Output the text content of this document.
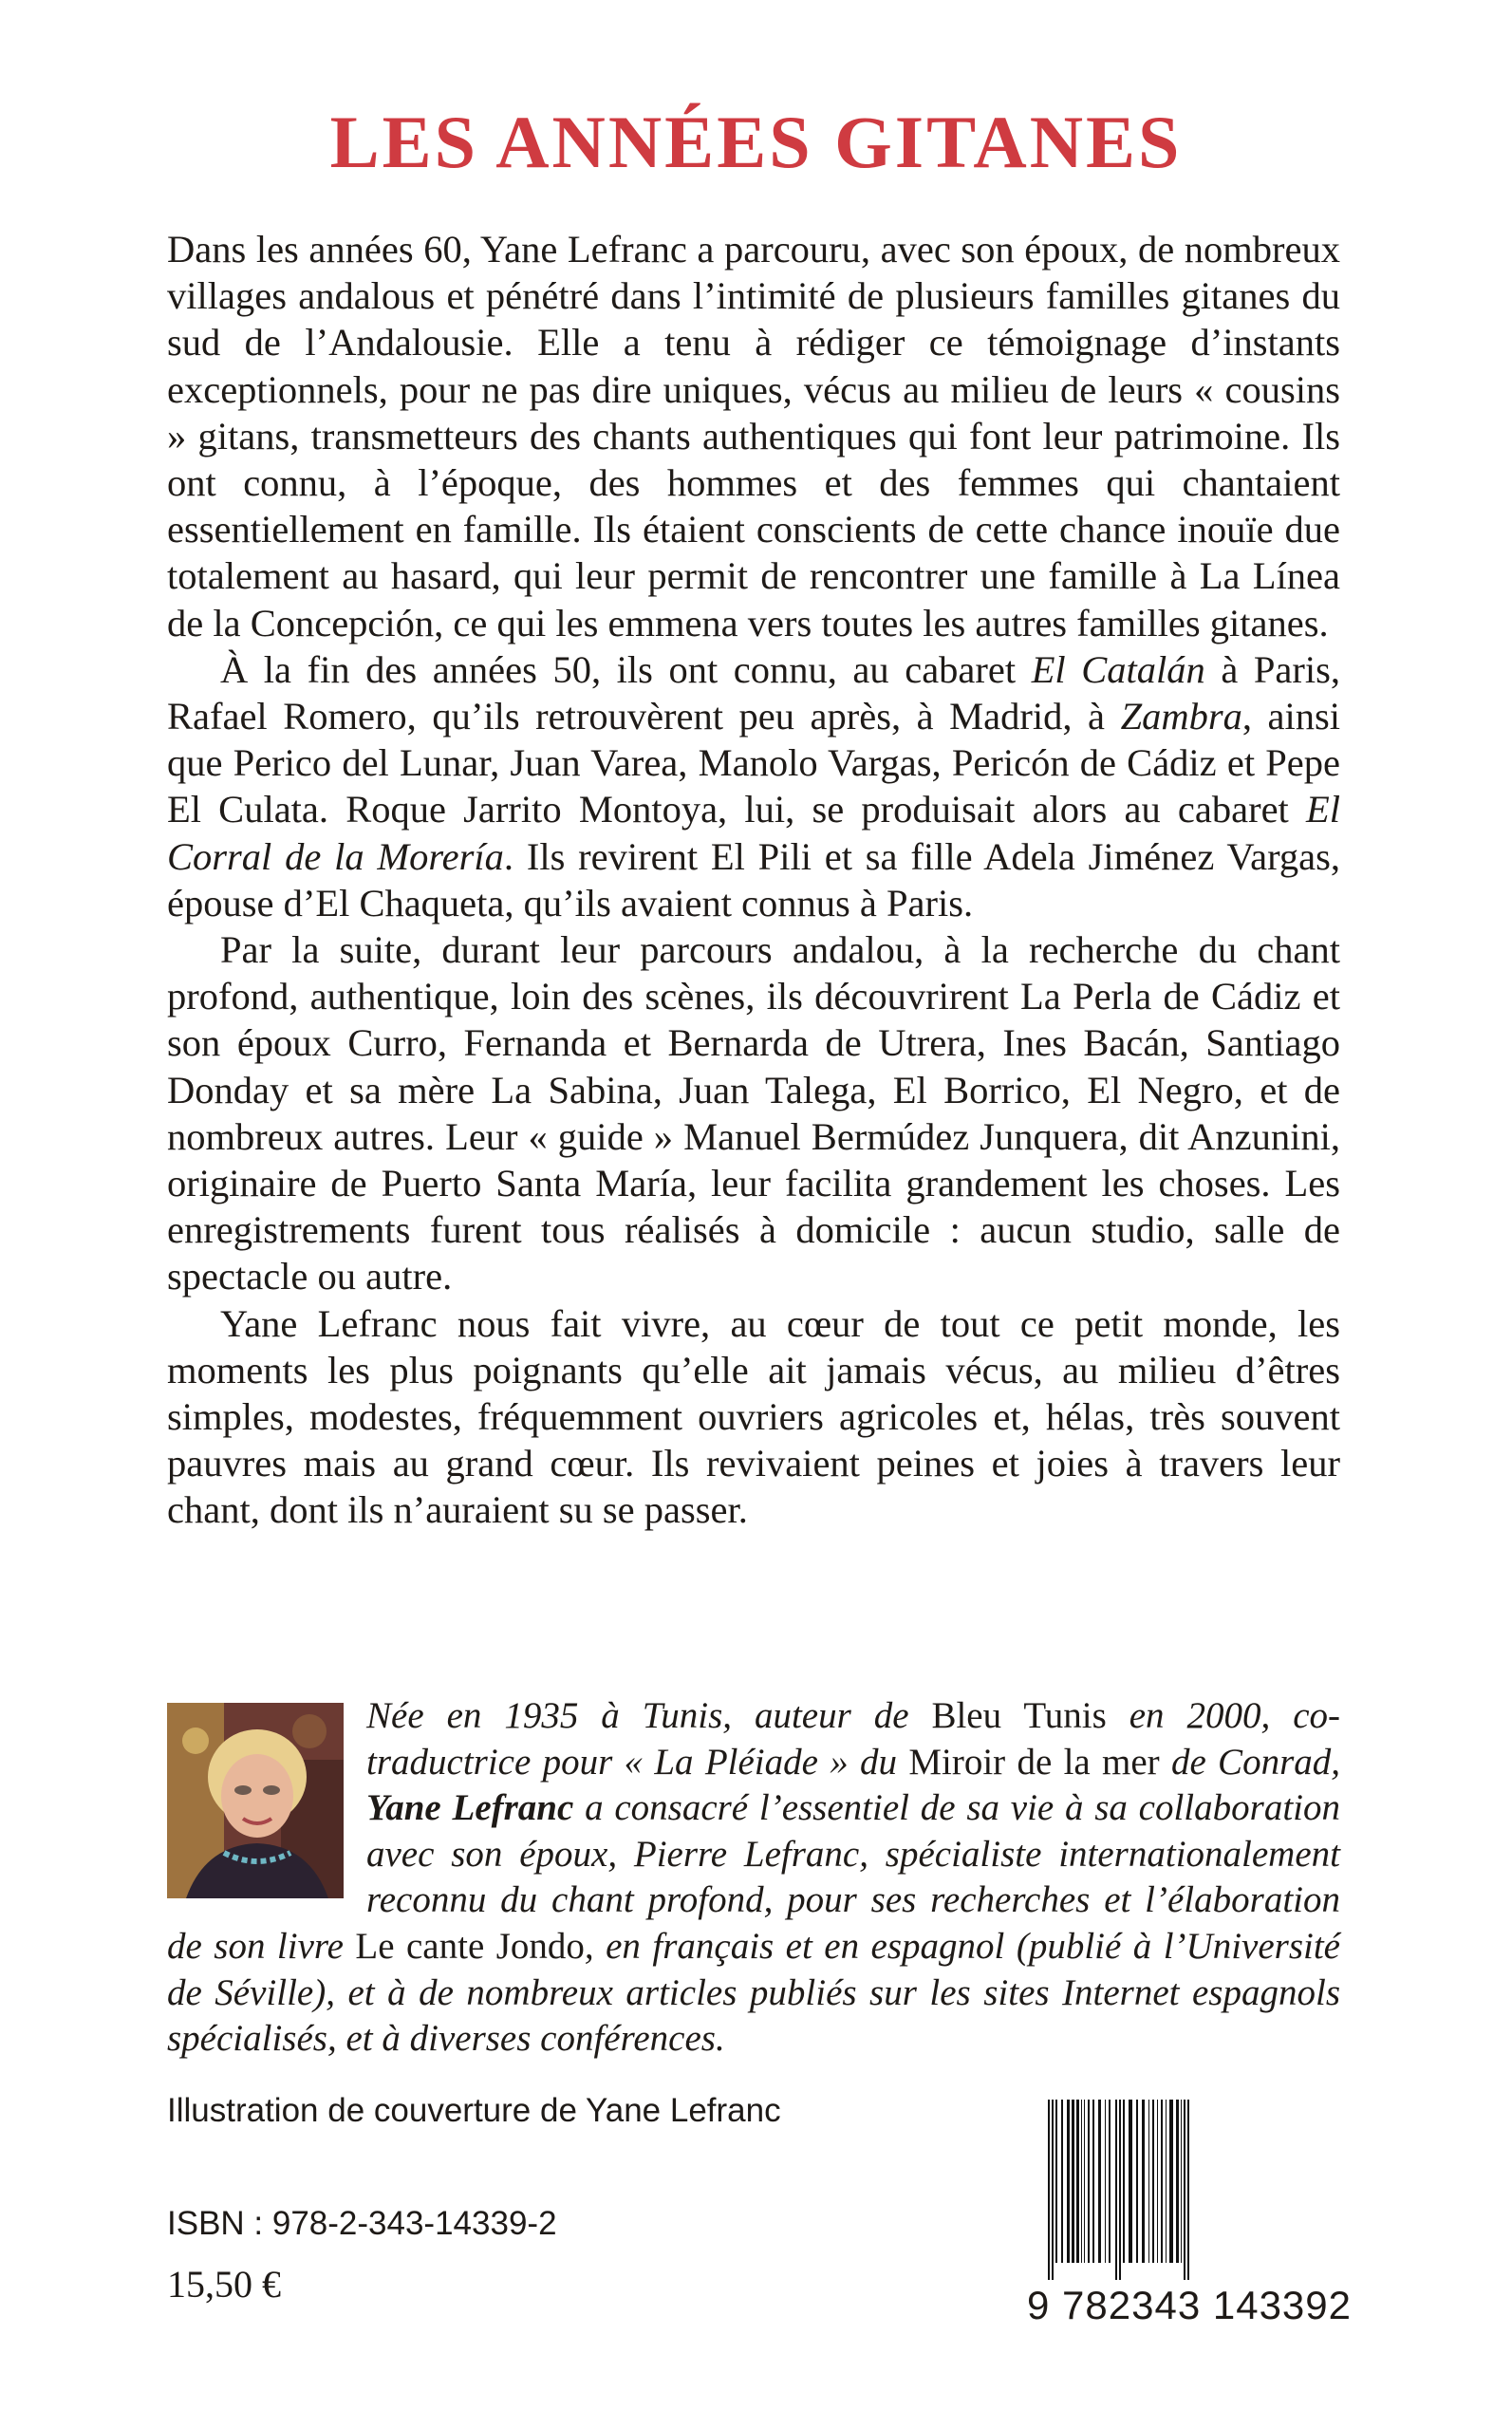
LES ANNÉES GITANES

Dans les années 60, Yane Lefranc a parcouru, avec son époux, de nombreux villages andalous et pénétré dans l’intimité de plusieurs familles gitanes du sud de l’Andalousie. Elle a tenu à rédiger ce témoignage d’instants exceptionnels, pour ne pas dire uniques, vécus au milieu de leurs « cousins » gitans, transmetteurs des chants authentiques qui font leur patrimoine. Ils ont connu, à l’époque, des hommes et des femmes qui chantaient essentiellement en famille. Ils étaient conscients de cette chance inouïe due totalement au hasard, qui leur permit de rencontrer une famille à La Línea de la Concepción, ce qui les emmena vers toutes les autres familles gitanes.

À la fin des années 50, ils ont connu, au cabaret El Catalán à Paris, Rafael Romero, qu’ils retrouvèrent peu après, à Madrid, à Zambra, ainsi que Perico del Lunar, Juan Varea, Manolo Vargas, Pericón de Cádiz et Pepe El Culata. Roque Jarrito Montoya, lui, se produisait alors au cabaret El Corral de la Morería. Ils revirent El Pili et sa fille Adela Jiménez Vargas, épouse d’El Chaqueta, qu’ils avaient connus à Paris.

Par la suite, durant leur parcours andalou, à la recherche du chant profond, authentique, loin des scènes, ils découvrirent La Perla de Cádiz et son époux Curro, Fernanda et Bernarda de Utrera, Ines Bacán, Santiago Donday et sa mère La Sabina, Juan Talega, El Borrico, El Negro, et de nombreux autres. Leur « guide » Manuel Bermúdez Junquera, dit Anzunini, originaire de Puerto Santa María, leur facilita grandement les choses. Les enregistrements furent tous réalisés à domicile : aucun studio, salle de spectacle ou autre.

Yane Lefranc nous fait vivre, au cœur de tout ce petit monde, les moments les plus poignants qu’elle ait jamais vécus, au milieu d’êtres simples, modestes, fréquemment ouvriers agricoles et, hélas, très souvent pauvres mais au grand cœur. Ils revivaient peines et joies à travers leur chant, dont ils n’auraient su se passer.

Née en 1935 à Tunis, auteur de Bleu Tunis en 2000, co-traductrice pour « La Pléiade » du Miroir de la mer de Conrad, Yane Lefranc a consacré l’essentiel de sa vie à sa collaboration avec son époux, Pierre Lefranc, spécialiste internationalement reconnu du chant profond, pour ses recherches et l’élaboration de son livre Le cante Jondo, en français et en espagnol (publié à l’Université de Séville), et à de nombreux articles publiés sur les sites Internet espagnols spécialisés, et à diverses conférences.

Illustration de couverture de Yane Lefranc

ISBN : 978-2-343-14339-2

15,50 €	9 782343 143392
